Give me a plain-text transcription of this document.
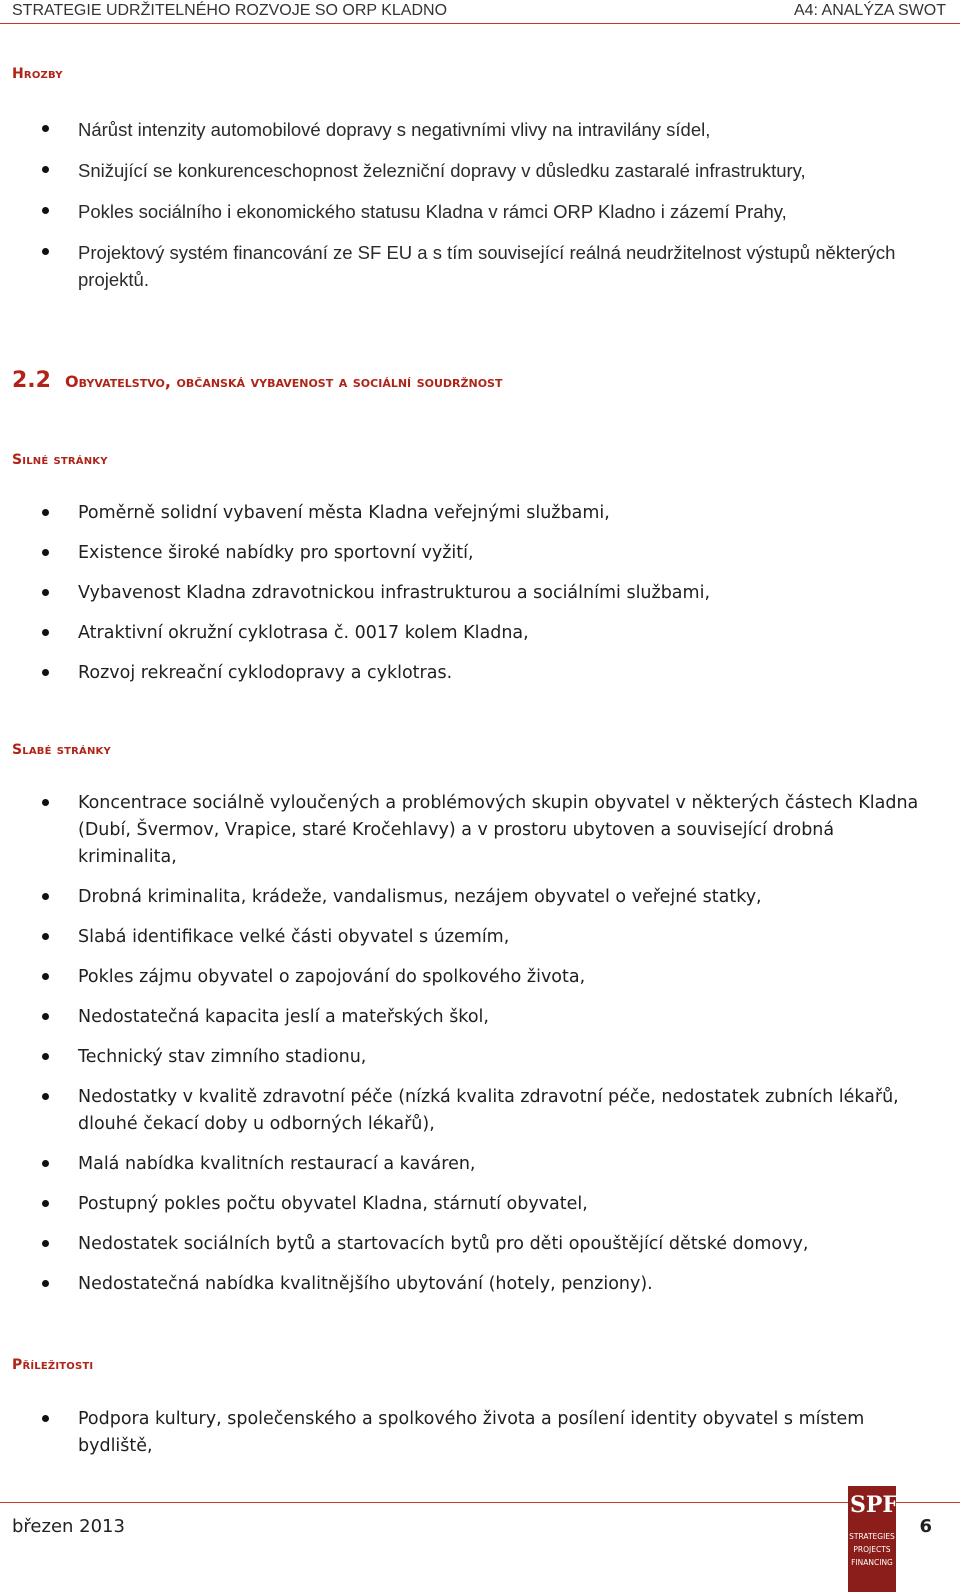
STRATEGIE UDRŽITELNÉHO ROZVOJE SO ORP KLADNO	A4: ANALÝZA SWOT
Hrozby
Nárůst intenzity automobilové dopravy s negativními vlivy na intravilány sídel,
Snižující se konkurenceschopnost železniční dopravy v důsledku zastaralé infrastruktury,
Pokles sociálního i ekonomického statusu Kladna v rámci ORP Kladno i zázemí Prahy,
Projektový systém financování ze SF EU a s tím související reálná neudržitelnost výstupů některých projektů.
2.2 Obyvatelstvo, občanská vybavenost a sociální soudržnost
Silné stránky
Poměrně solidní vybavení města Kladna veřejnými službami,
Existence široké nabídky pro sportovní vyžití,
Vybavenost Kladna zdravotnickou infrastrukturou a sociálními službami,
Atraktivní okružní cyklotrasa č. 0017 kolem Kladna,
Rozvoj rekreační cyklodopravy a cyklotras.
Slabé stránky
Koncentrace sociálně vyloučených a problémových skupin obyvatel v některých částech Kladna (Dubí, Švermov, Vrapice, staré Kročehlavy) a v prostoru ubytoven a související drobná kriminalita,
Drobná kriminalita, krádeže, vandalismus, nezájem obyvatel o veřejné statky,
Slabá identifikace velké části obyvatel s územím,
Pokles zájmu obyvatel o zapojování do spolkového života,
Nedostatečná kapacita jeslí a mateřských škol,
Technický stav zimního stadionu,
Nedostatky v kvalitě zdravotní péče (nízká kvalita zdravotní péče, nedostatek zubních lékařů, dlouhé čekací doby u odborných lékařů),
Malá nabídka kvalitních restaurací a kaváren,
Postupný pokles počtu obyvatel Kladna, stárnutí obyvatel,
Nedostatek sociálních bytů a startovacích bytů pro děti opouštějící dětské domovy,
Nedostatečná nabídka kvalitnějšího ubytování (hotely, penziony).
Příležitosti
Podpora kultury, společenského a spolkového života a posílení identity obyvatel s místem bydliště,
březen 2013	6
SPF
STRATEGIES
PROJECTS
FINANCING
